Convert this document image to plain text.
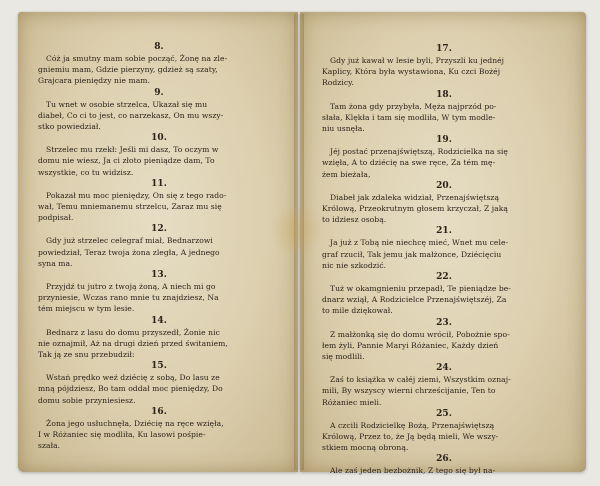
8.
Cóż ja smutny mam sobie począć, Żonę na zle-
gniemiu mam, Gdzie pierzyny, gdzież są szaty,
Grajcara pieniędzy nie mam.
9.
Tu wnet w osobie strzelca, Ukazał się mu
diabeł, Co ci to jest, co narzekasz, On mu wszy-
stko powiedział.
10.
Strzelec mu rzekł: Jeśli mi dasz, To oczym w
domu nie wiesz, Ja ci złoto pieniądze dam, To
wszystkie, co tu widzisz.
11.
Pokazał mu moc pieniędzy, On się z tego rado-
wał, Temu mniemanemu strzelcu, Zaraz mu się
podpisał.
12.
Gdy już strzelec celegraf miał, Bednarzowi
powiedział, Teraz twoja żona zległa, A jednego
syna ma.
13.
Przyjdź tu jutro z twoją żoną, A niech mi go
przyniesie, Wczas rano mnie tu znajdziesz, Na
tém miejscu w tym lesie.
14.
Bednarz z lasu do domu przyszedł, Żonie nic
nie oznajmił, Aż na drugi dzień przed świtaniem,
Tak ją ze snu przebudził:
15.
Wstań prędko weź dziécię z sobą, Do lasu ze
mną pójdziesz, Bo tam oddał moc pieniędzy, Do
domu sobie przyniesiesz.
16.
Żona jego usłuchnęła, Dziécię na ręce wzięła,
I w Różaniec się modliła, Ku lasowi pośpie-
szała.
17.
Gdy już kawał w lesie byli, Przyszli ku jednéj
Kaplicy, Która była wystawiona, Ku czci Bożéj
Rodzicy.
18.
Tam żona gdy przybyła, Męża najprzód po-
słała, Klękła i tam się modliła, W tym modle-
niu usnęła.
19.
Jéj postać przenajświętszą, Rodzicielka na się
wzięła, A to dziécię na swe ręce, Za tém mę-
żem bieżała,
20.
Diabeł jak zdaleka widział, Przenajświętszą
Królową, Przeokrutnym głosem krzyczał, Z jaką
to idziesz osobą.
21.
Ja już z Tobą nie niechcę mieć, Wnet mu cele-
graf rzucił, Tak jemu jak małżonce, Dziécięciu
nic nie szkodzić.
22.
Tuż w okamgnieniu przepadł, Te pieniądze be-
dnarz wziął, A Rodzicielce Przenajświętszéj, Za
to mile dziękował.
23.
Z małżonką się do domu wrócił, Pobożnie spo-
łem żyli, Pannie Maryi Różaniec, Każdy dzień
się modlili.
24.
Zaś to książka w całéj ziemi, Wszystkim oznaj-
mili, By wszyscy wierni chrześcijanie, Ten to
Różaniec mieli.
25.
A czcili Rodzicielkę Bożą, Przenajświętszą
Królową, Przez to, że Ją będą mieli, We wszy-
stkiem mocną obroną.
26.
Ale zaś jeden bezbożnik, Z tego się był na-
